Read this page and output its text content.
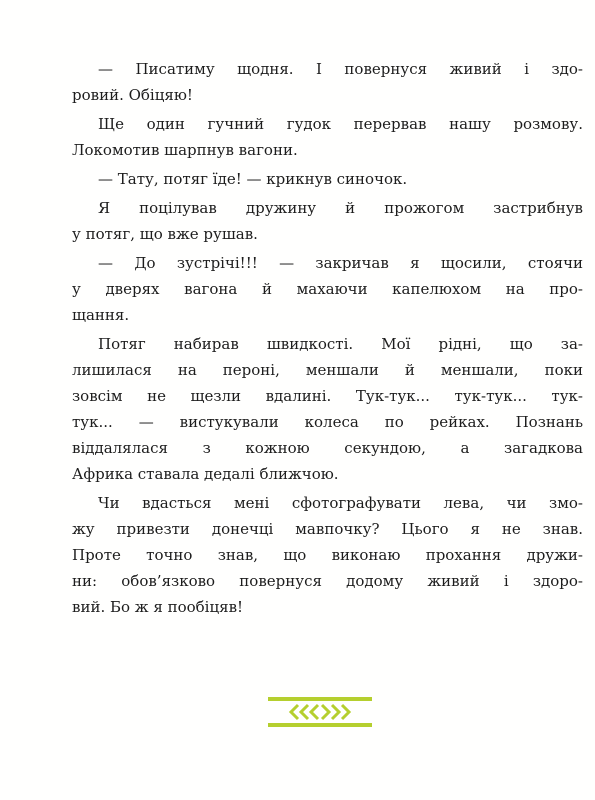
— Писатиму щодня. І повернуся живий і здо-
ровий. Обіцяю!
Ще один гучний гудок перервав нашу розмову.
Локомотив шарпнув вагони.
— Тату, потяг їде! — крикнув синочок.
Я поцілував дружину й прожогом застрибнув
у потяг, що вже рушав.
— До зустрічі!!! — закричав я щосили, стоячи
у дверях вагона й махаючи капелюхом на про-
щання.
Потяг набирав швидкості. Мої рідні, що за-
лишилася на пероні, меншали й меншали, поки
зовсім не щезли вдалині. Тук-тук... тук-тук... тук-
тук... — вистукували колеса по рейках. Познань
віддалялася з кожною секундою, а загадкова
Африка ставала дедалі ближчою.
Чи вдасться мені сфотографувати лева, чи змо-
жу привезти донечці мавпочку? Цього я не знав.
Проте точно знав, що виконаю прохання дружи-
ни: обов’язково повернуся додому живий і здоро-
вий. Бо ж я пообіцяв!
